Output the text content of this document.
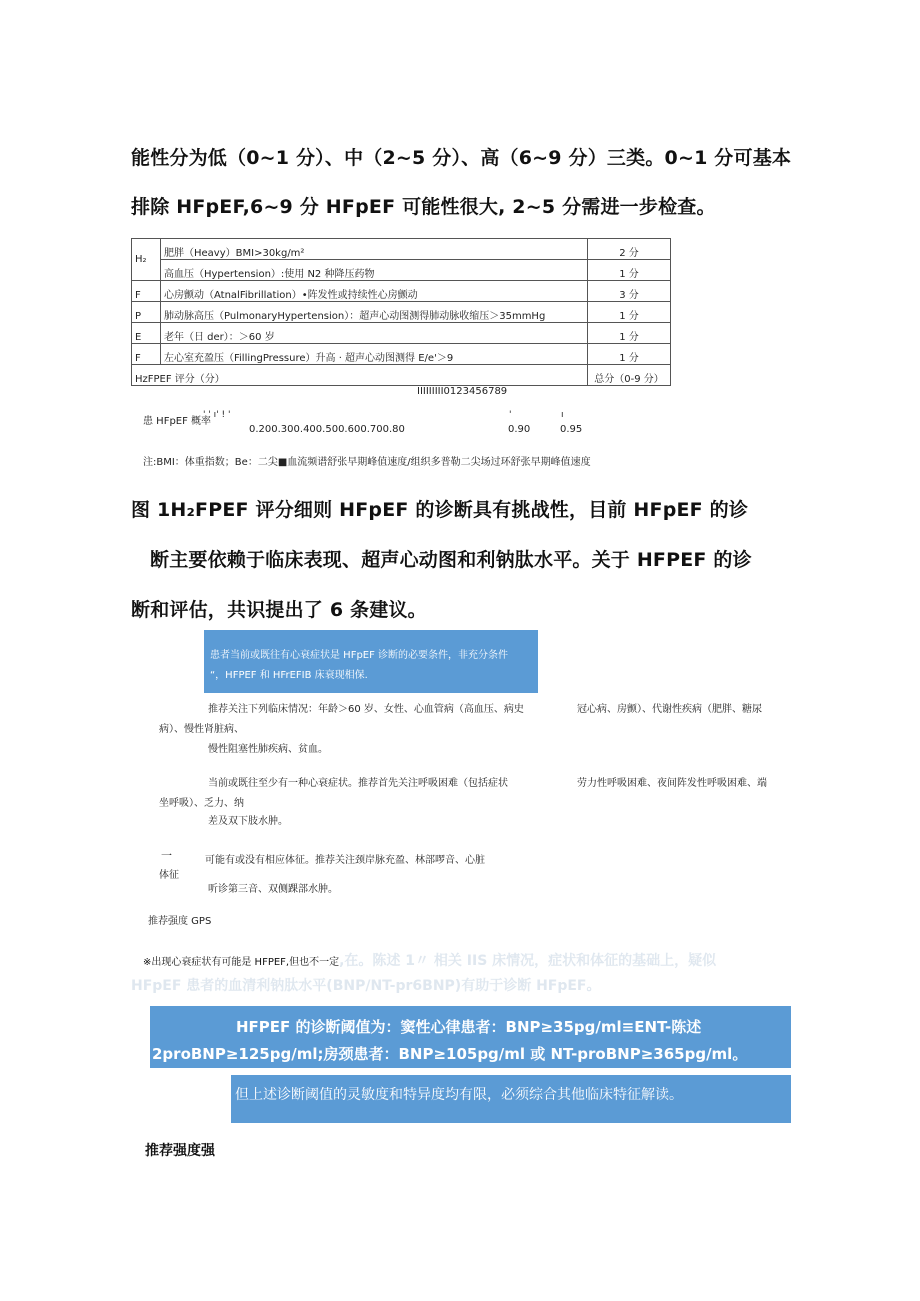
能性分为低（0~1 分）、中（2~5 分）、高（6~9 分）三类。0~1 分可基本
排除 HFpEF,6~9 分 HFpEF 可能性很大, 2~5 分需进一步检查。
H₂	肥胖（Heavy）BMI>30kg/m²	2 分
	高血压（Hypertension）:使用 N2 种降压药物	1 分
F	心房颤动（AtnalFibrillation）•阵发性或持续性心房颤动	3 分
P	肺动脉高压（PulmonaryHypertension）：超声心动图测得肺动脉收缩压＞35mmHg	1 分
E	老年（日 der）：＞60 岁	1 分
F	左心室充盈压（FillingPressure）升高 · 超声心动图测得 E/e'＞9	1 分
HzFPEF 评分（分）		总分（0-9 分）
IIIIIIIII0123456789
患 HFpEF 概率
' ' ı' ! '
0.200.300.400.500.600.700.80
'	ı
0.90	0.95
注:BMI：体重指数；Be：二尖■血流频谱舒张早期峰值速度/组织多普勒二尖场过环舒张早期峰值速度
图 1H₂FPEF 评分细则 HFpEF 的诊断具有挑战性，目前 HFpEF 的诊
断主要依赖于临床表现、超声心动图和利钠肽水平。关于 HFPEF 的诊
断和评估，共识提出了 6 条建议。
患者当前或既往有心衰症状是 HFpEF 诊断的必要条件，非充分条件
“，HFPEF 和 HFrEFIB 床衰现相保.
推荐关注下列临床情况：年龄＞60 岁、女性、心血管病（高血压、病史	冠心病、房颤）、代谢性疾病（肥胖、糖尿
病）、慢性肾脏病、
慢性阻塞性肺疾病、贫血。
当前或既往至少有一种心衰症状。推荐首先关注呼吸困难（包括症状	劳力性呼吸困难、夜间阵发性呼吸困难、端
坐呼吸）、乏力、纳
差及双下肢水肿。
一	可能有或没有相应体征。推荐关注颈岸脉充盈、林部啰音、心脏
体征
听诊第三音、双侧踝部水肿。
推荐强度 GPS
※出现心衰症状有可能是 HFPEF,但也不一定,在。陈述 1〃 相关 IIS 床情况，症状和体征的基础上，疑似
HFpEF 患者的血清利钠肽水平(BNP/NT-pr6BNP)有助于诊断 HFpEF。
HFPEF 的诊断阈值为：窦性心律患者：BNP≥35pg/ml≡ENT-陈述
2proBNP≥125pg/ml;房颈患者：BNP≥105pg/ml 或 NT-proBNP≥365pg/ml。
但上述诊断阈值的灵敏度和特异度均有限，必须综合其他临床特征解读。
推荐强度强
